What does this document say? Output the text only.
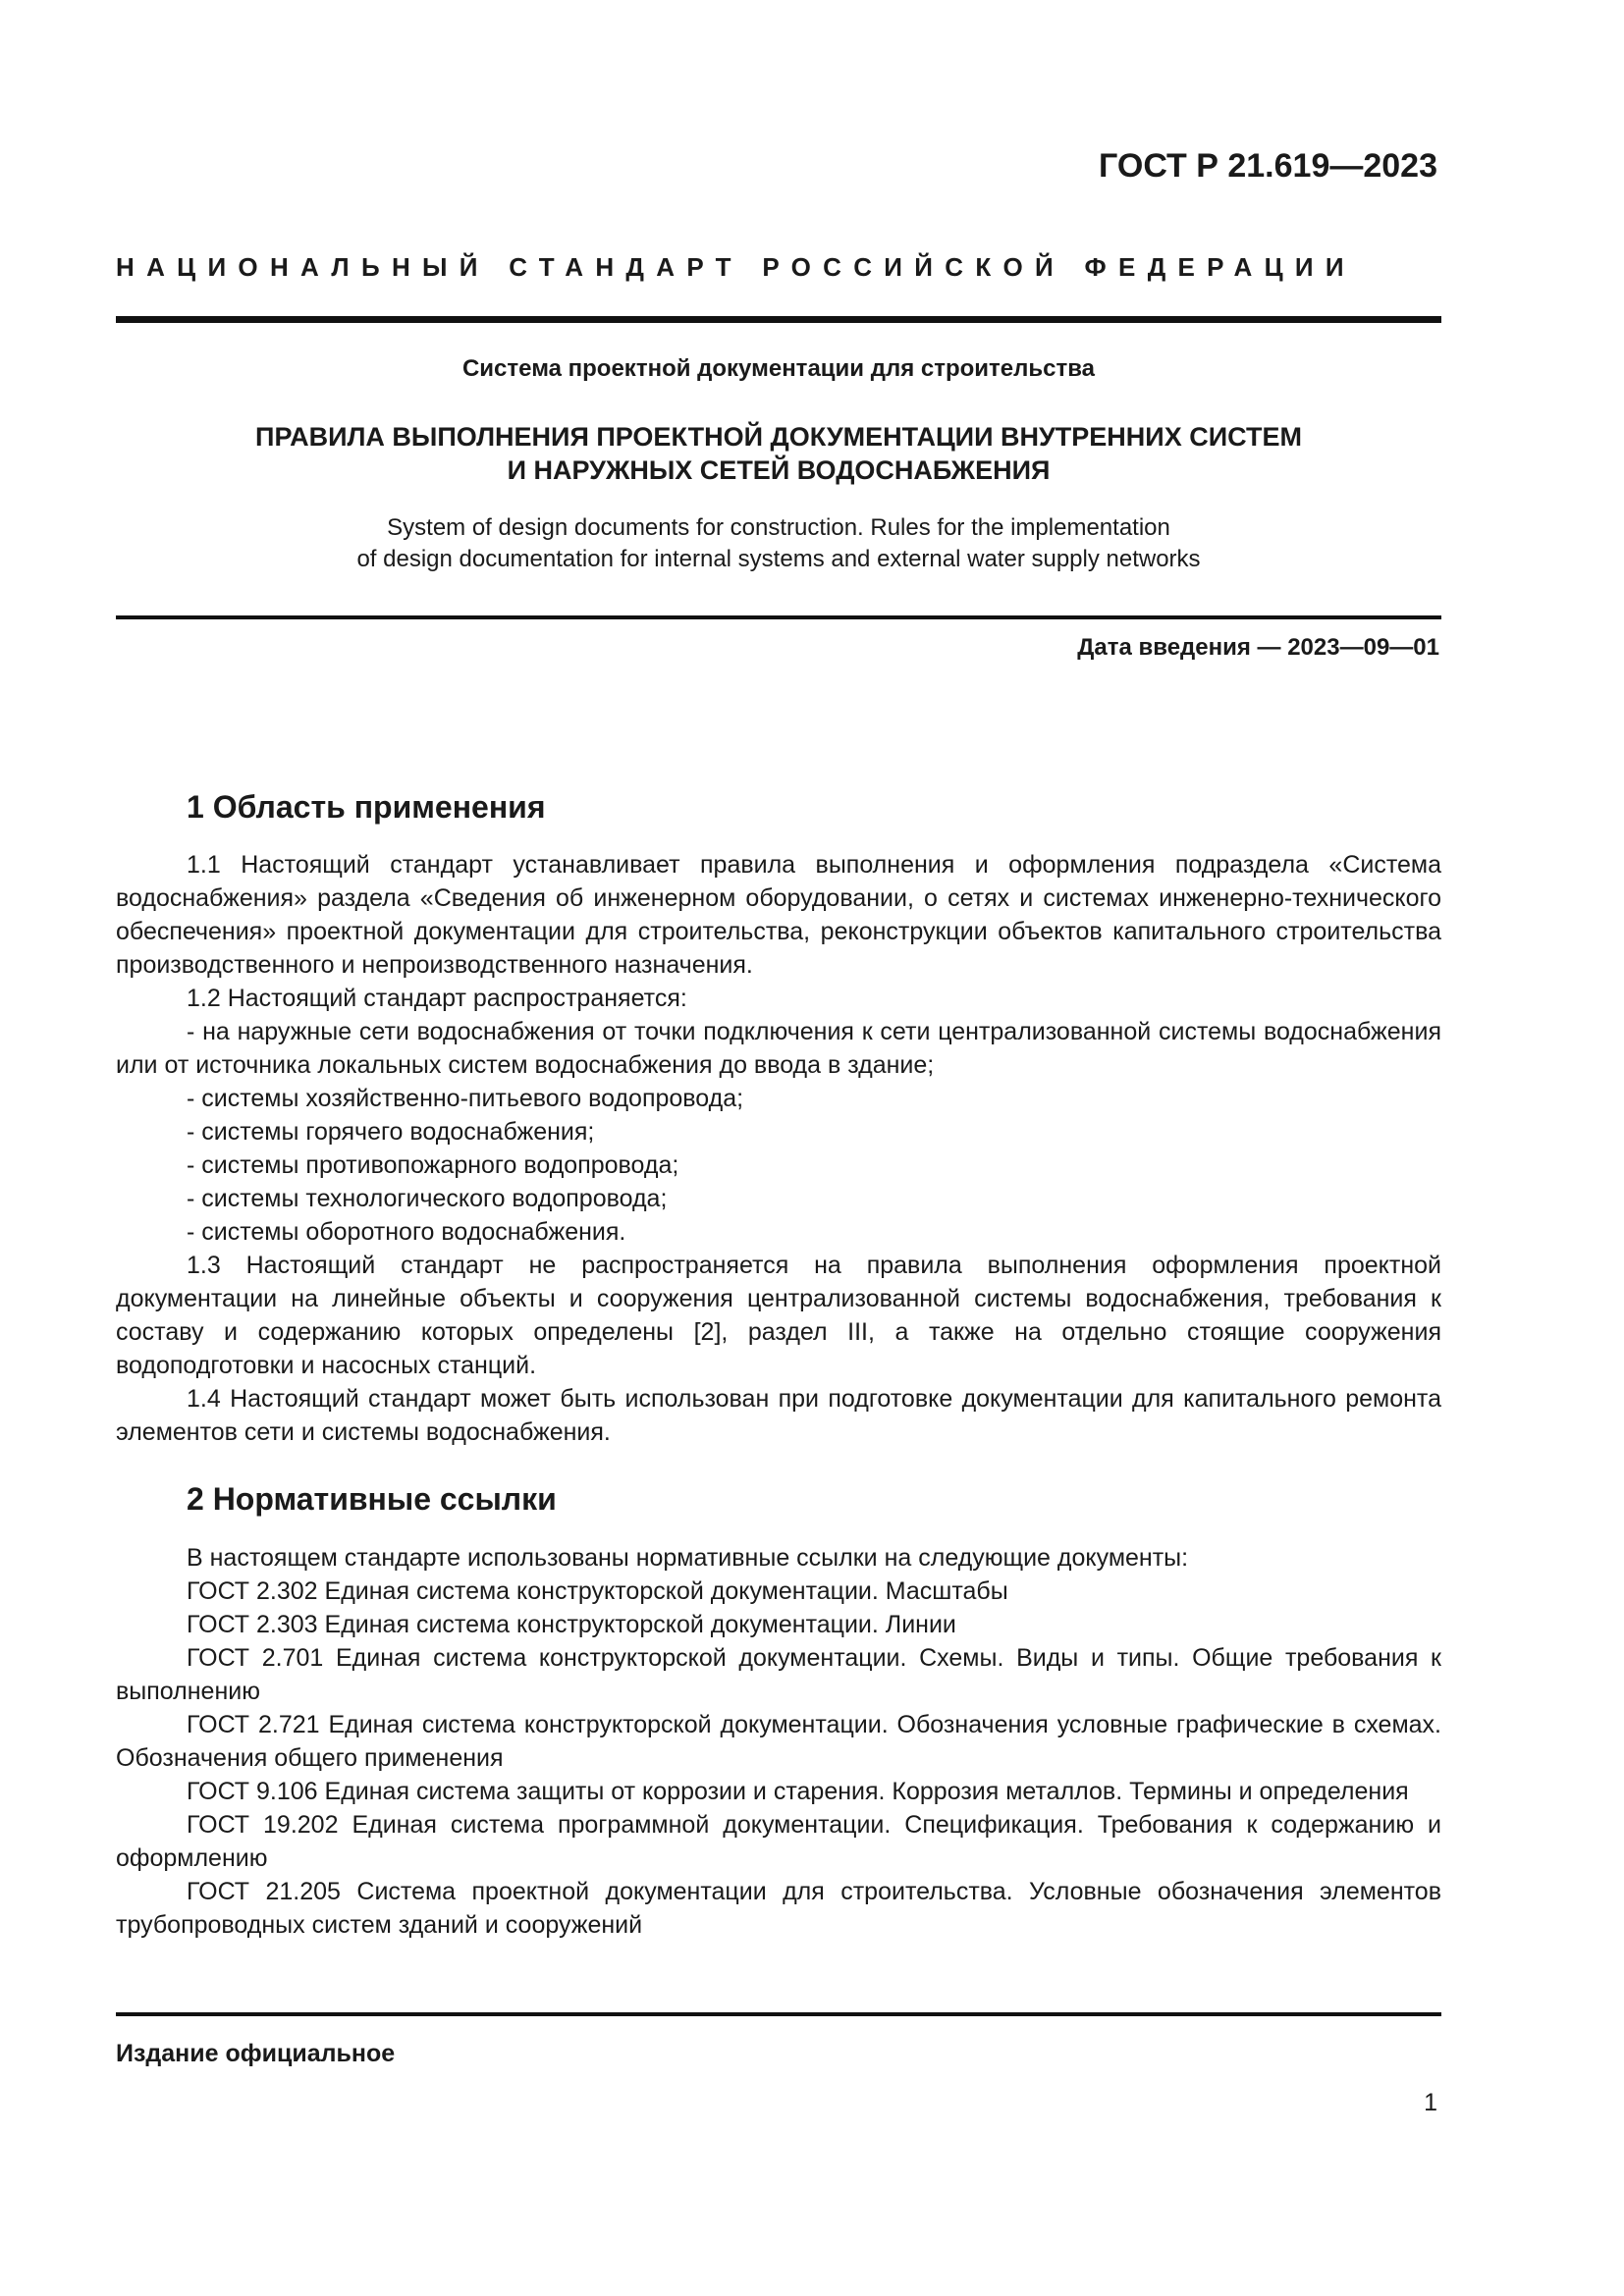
ГОСТ Р 21.619—2023
НАЦИОНАЛЬНЫЙ СТАНДАРТ РОССИЙСКОЙ ФЕДЕРАЦИИ
Система проектной документации для строительства
ПРАВИЛА ВЫПОЛНЕНИЯ ПРОЕКТНОЙ ДОКУМЕНТАЦИИ ВНУТРЕННИХ СИСТЕМ
И НАРУЖНЫХ СЕТЕЙ ВОДОСНАБЖЕНИЯ
System of design documents for construction. Rules for the implementation
of design documentation for internal systems and external water supply networks
Дата введения — 2023—09—01
1 Область применения

1.1 Настоящий стандарт устанавливает правила выполнения и оформления подраздела «Система водоснабжения» раздела «Сведения об инженерном оборудовании, о сетях и системах инженерно-технического обеспечения» проектной документации для строительства, реконструкции объектов капитального строительства производственного и непроизводственного назначения.

1.2 Настоящий стандарт распространяется:

- на наружные сети водоснабжения от точки подключения к сети централизованной системы водоснабжения или от источника локальных систем водоснабжения до ввода в здание;

- системы хозяйственно-питьевого водопровода;

- системы горячего водоснабжения;

- системы противопожарного водопровода;

- системы технологического водопровода;

- системы оборотного водоснабжения.

1.3 Настоящий стандарт не распространяется на правила выполнения оформления проектной документации на линейные объекты и сооружения централизованной системы водоснабжения, требования к составу и содержанию которых определены [2], раздел III, а также на отдельно стоящие сооружения водоподготовки и насосных станций.

1.4 Настоящий стандарт может быть использован при подготовке документации для капитального ремонта элементов сети и системы водоснабжения.

2 Нормативные ссылки

В настоящем стандарте использованы нормативные ссылки на следующие документы:

ГОСТ 2.302 Единая система конструкторской документации. Масштабы

ГОСТ 2.303 Единая система конструкторской документации. Линии

ГОСТ 2.701 Единая система конструкторской документации. Схемы. Виды и типы. Общие требования к выполнению

ГОСТ 2.721 Единая система конструкторской документации. Обозначения условные графические в схемах. Обозначения общего применения

ГОСТ 9.106 Единая система защиты от коррозии и старения. Коррозия металлов. Термины и определения

ГОСТ 19.202 Единая система программной документации. Спецификация. Требования к содержанию и оформлению

ГОСТ 21.205 Система проектной документации для строительства. Условные обозначения элементов трубопроводных систем зданий и сооружений

Издание официальное
1
